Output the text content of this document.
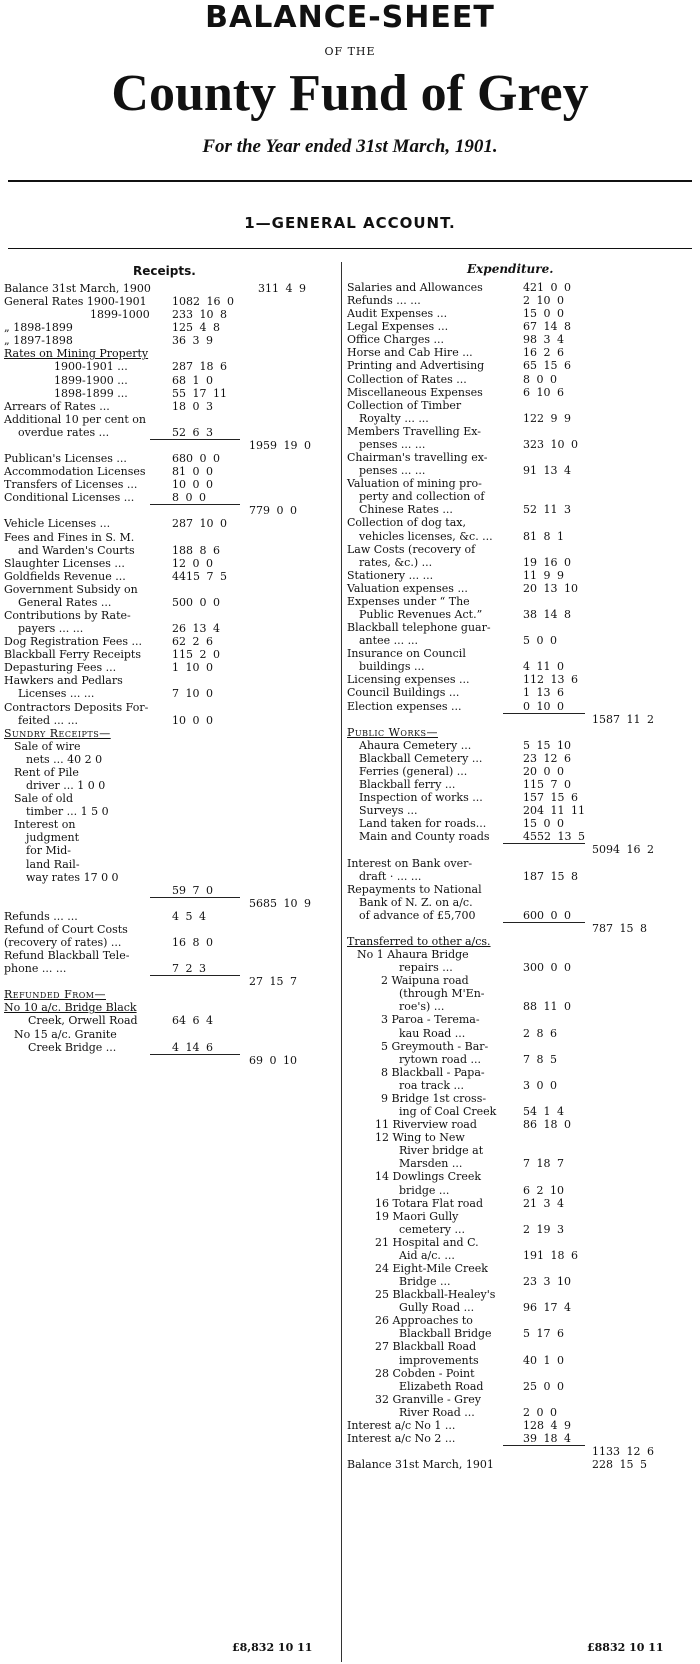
BALANCE-SHEET
OF THE
County Fund of Grey
For the Year ended 31st March, 1901.
1—GENERAL ACCOUNT.
Receipts.	Expenditure.
Balance 31st March, 1900	311 4 9
General Rates 1900-1901 1082 16 0
1899-1000 233 10 8
„ 1898-1899	125 4 8
„ 1897-1898	36 3 9
Rates on Mining Property
1900-1901 ...	287 18 6
1899-1900 ...	68 1 0
1898-1899 ...	55 17 11
Arrears of Rates ...	18 0 3
Additional 10 per cent on
overdue rates ...	52 6 3
1959 19 0
Publican's Licenses ...	680 0 0
Accommodation Licenses 81 0 0
Transfers of Licenses ...	10 0 0
Conditional Licenses ...	8 0 0
779 0 0
Vehicle Licenses ...	287 10 0
Fees and Fines in S. M.
and Warden's Courts	188 8 6
Slaughter Licenses ...	12 0 0
Goldfields Revenue ...	4415 7 5
Government Subsidy on
General Rates ...	500 0 0
Contributions by Rate-
payers ... ...	26 13 4
Dog Registration Fees ...	62 2 6
Blackball Ferry Receipts	115 2 0
Depasturing Fees ...	1 10 0
Hawkers and Pedlars
Licenses ... ...	7 10 0
Contractors Deposits For-
feited ... ...	10 0 0
Sundry Receipts—
Sale of wire
nets ... 40 2 0
Rent of Pile
driver ... 1 0 0
Sale of old
timber ... 1 5 0
Interest on
judgment
for Mid-
land Rail-
way rates 17 0 0
59 7 0
5685 10 9
Refunds ... ...	4 5 4
Refund of Court Costs
(recovery of rates) ...	16 8 0
Refund Blackball Tele-
phone ... ...	7 2 3
27 15 7
Refunded From—
No 10 a/c. Bridge Black
Creek, Orwell Road	64 6 4
No 15 a/c. Granite
Creek Bridge ...	4 14 6
69 0 10
Salaries and Allowances	421 0 0
Refunds ... ...	2 10 0
Audit Expenses ...	15 0 0
Legal Expenses ...	67 14 8
Office Charges ...	98 3 4
Horse and Cab Hire ...	16 2 6
Printing and Advertising	65 15 6
Collection of Rates ...	8 0 0
Miscellaneous Expenses	6 10 6
Collection of Timber
Royalty ... ...	122 9 9
Members Travelling Ex-
penses ... ...	323 10 0
Chairman's travelling ex-
penses ... ...	91 13 4
Valuation of mining pro-
perty and collection of
Chinese Rates ...	52 11 3
Collection of dog tax,
vehicles licenses, &c. ...	81 8 1
Law Costs (recovery of
rates, &c.) ...	19 16 0
Stationery ... ...	11 9 9
Valuation expenses ...	20 13 10
Expenses under “ The
Public Revenues Act.”	38 14 8
Blackball telephone guar-
antee ... ...	5 0 0
Insurance on Council
buildings ...	4 11 0
Licensing expenses ...	112 13 6
Council Buildings ...	1 13 6
Election expenses ...	0 10 0
1587 11 2
Public Works—
Ahaura Cemetery ...	5 15 10
Blackball Cemetery ...	23 12 6
Ferries (general) ...	20 0 0
Blackball ferry ...	115 7 0
Inspection of works ...	157 15 6
Surveys ...	204 11 11
Land taken for roads...	15 0 0
Main and County roads	4552 13 5
5094 16 2
Interest on Bank over-
draft · ... ...	187 15 8
Repayments to National
Bank of N. Z. on a/c.
of advance of £5,700	600 0 0
787 15 8
Transferred to other a/cs.
No 1 Ahaura Bridge
repairs ...	300 0 0
2 Waipuna road
(through M'En-
roe's) ...	88 11 0
3 Paroa - Terema-
kau Road ...	2 8 6
5 Greymouth - Bar-
rytown road ...	7 8 5
8 Blackball - Papa-
roa track ...	3 0 0
9 Bridge 1st cross-
ing of Coal Creek 54 1 4
11 Riverview road	86 18 0
12 Wing to New
River bridge at
Marsden ...	7 18 7
14 Dowlings Creek
bridge ...	6 2 10
16 Totara Flat road	21 3 4
19 Maori Gully
cemetery ...	2 19 3
21 Hospital and C.
Aid a/c. ...	191 18 6
24 Eight-Mile Creek
Bridge ...	23 3 10
25 Blackball-Healey's
Gully Road ...	96 17 4
26 Approaches to
Blackball Bridge	5 17 6
27 Blackball Road
improvements	40 1 0
28 Cobden - Point
Elizabeth Road	25 0 0
32 Granville - Grey
River Road ...	2 0 0
Interest a/c No 1 ...	128 4 9
Interest a/c No 2 ...	39 18 4
1133 12 6
Balance 31st March, 1901	228 15 5
£8,832 10 11	£8832 10 11
